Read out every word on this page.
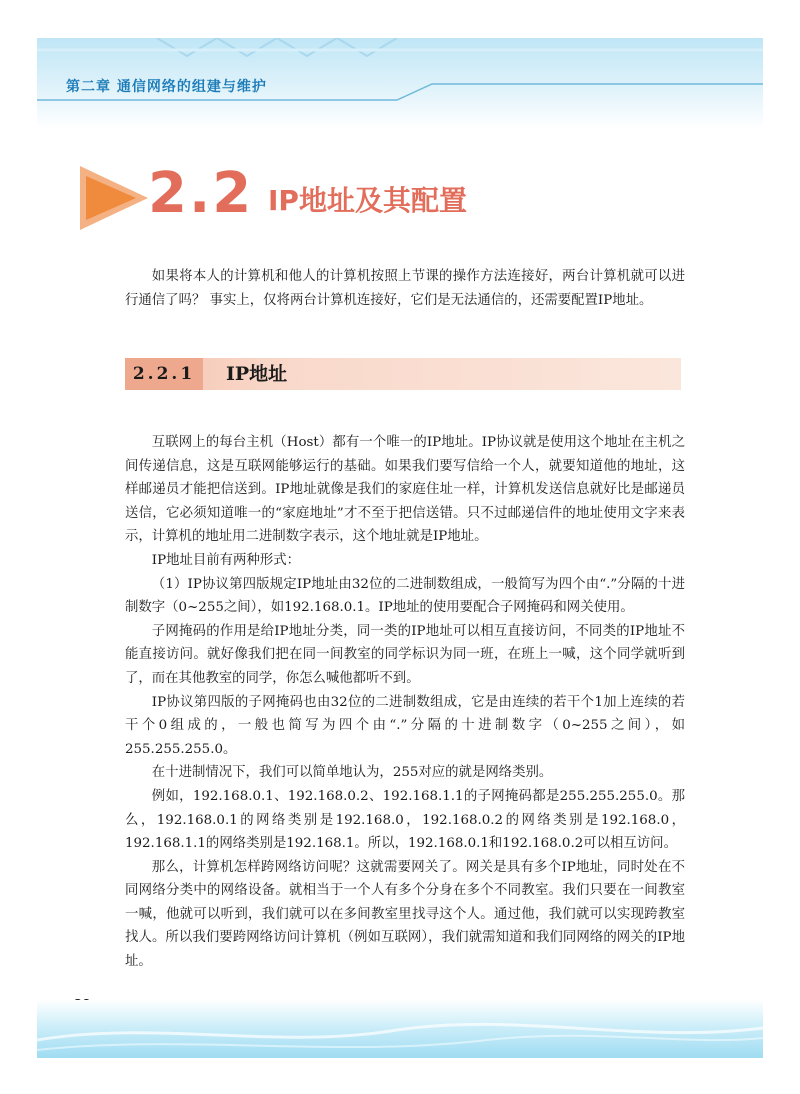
第二章 通信网络的组建与维护
2.2 IP地址及其配置

如果将本人的计算机和他人的计算机按照上节课的操作方法连接好，两台计算机就可以进行通信了吗？ 事实上，仅将两台计算机连接好，它们是无法通信的，还需要配置IP地址。

2.2.1	IP地址

互联网上的每台主机（Host）都有一个唯一的IP地址。IP协议就是使用这个地址在主机之间传递信息，这是互联网能够运行的基础。如果我们要写信给一个人，就要知道他的地址，这样邮递员才能把信送到。IP地址就像是我们的家庭住址一样，计算机发送信息就好比是邮递员送信，它必须知道唯一的“家庭地址”才不至于把信送错。只不过邮递信件的地址使用文字来表示，计算机的地址用二进制数字表示，这个地址就是IP地址。

IP地址目前有两种形式：

（1）IP协议第四版规定IP地址由32位的二进制数组成，一般简写为四个由“.”分隔的十进制数字（0~255之间），如192.168.0.1。IP地址的使用要配合子网掩码和网关使用。

子网掩码的作用是给IP地址分类，同一类的IP地址可以相互直接访问，不同类的IP地址不能直接访问。就好像我们把在同一间教室的同学标识为同一班，在班上一喊，这个同学就听到了，而在其他教室的同学，你怎么喊他都听不到。

IP协议第四版的子网掩码也由32位的二进制数组成，它是由连续的若干个1加上连续的若干个0组成的，一般也简写为四个由“.”分隔的十进制数字（0~255之间），如255.255.255.0。

在十进制情况下，我们可以简单地认为，255对应的就是网络类别。

例如，192.168.0.1、192.168.0.2、192.168.1.1的子网掩码都是255.255.255.0。那么，192.168.0.1的网络类别是192.168.0，192.168.0.2的网络类别是192.168.0，192.168.1.1的网络类别是192.168.1。所以，192.168.0.1和192.168.0.2可以相互访问。

那么，计算机怎样跨网络访问呢？这就需要网关了。网关是具有多个IP地址，同时处在不同网络分类中的网络设备。就相当于一个人有多个分身在多个不同教室。我们只要在一间教室一喊，他就可以听到，我们就可以在多间教室里找寻这个人。通过他，我们就可以实现跨教室找人。所以我们要跨网络访问计算机（例如互联网），我们就需知道和我们同网络的网关的IP地址。
